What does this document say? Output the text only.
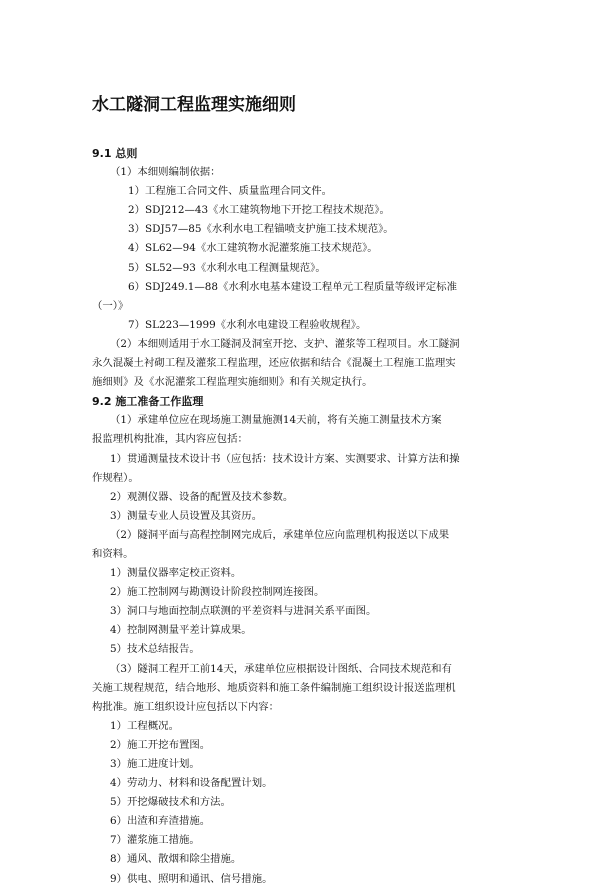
水工隧洞工程监理实施细则

9.1 总则

（1）本细则编制依据：

1）工程施工合同文件、质量监理合同文件。

2）SDJ212—43《水工建筑物地下开挖工程技术规范》。

3）SDJ57—85《水利水电工程锚喷支护施工技术规范》。

4）SL62—94《水工建筑物水泥灌浆施工技术规范》。

5）SL52—93《水利水电工程测量规范》。

6）SDJ249.1—88《水利水电基本建设工程单元工程质量等级评定标准
（一）》

7）SL223—1999《水利水电建设工程验收规程》。

（2）本细则适用于水工隧洞及洞室开挖、支护、灌浆等工程项目。水工隧洞
永久混凝土衬砌工程及灌浆工程监理，还应依据和结合《混凝土工程施工监理实
施细则》及《水泥灌浆工程监理实施细则》和有关规定执行。

9.2 施工准备工作监理

（1）承建单位应在现场施工测量施测14天前，将有关施工测量技术方案
报监理机构批准，其内容应包括：

1）贯通测量技术设计书（应包括：技术设计方案、实测要求、计算方法和操
作规程）。

2）观测仪器、设备的配置及技术参数。

3）测量专业人员设置及其资历。

（2）隧洞平面与高程控制网完成后，承建单位应向监理机构报送以下成果
和资料。

1）测量仪器率定校正资料。

2）施工控制网与勘测设计阶段控制网连接图。

3）洞口与地面控制点联测的平差资料与进洞关系平面图。

4）控制网测量平差计算成果。

5）技术总结报告。

（3）隧洞工程开工前14天，承建单位应根据设计图纸、合同技术规范和有
关施工规程规范，结合地形、地质资料和施工条件编制施工组织设计报送监理机
构批准。施工组织设计应包括以下内容：

1）工程概况。

2）施工开挖布置图。

3）施工进度计划。

4）劳动力、材料和设备配置计划。

5）开挖爆破技术和方法。

6）出渣和弃渣措施。

7）灌浆施工措施。

8）通风、散烟和除尘措施。

9）供电、照明和通讯、信号措施。
